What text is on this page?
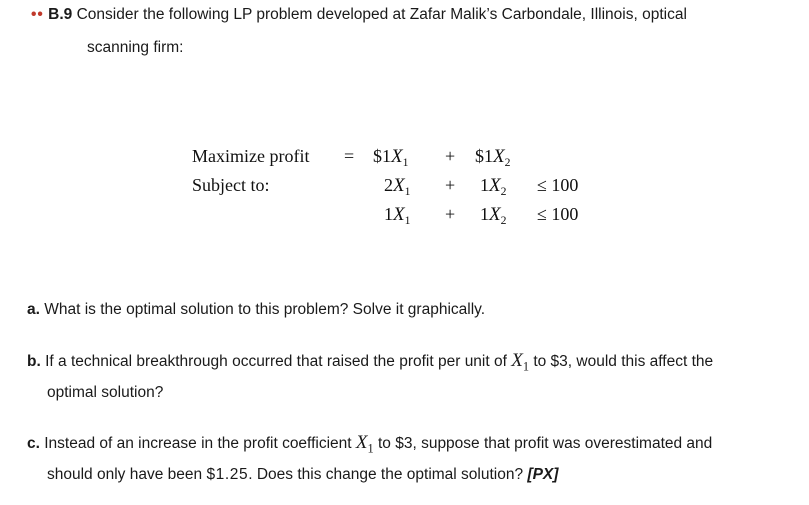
•• B.9 Consider the following LP problem developed at Zafar Malik’s Carbondale, Illinois, optical
scanning firm:
Maximize profit = $\$1X_1$ + $\$1X_2$
Subject to:	$2X_1 + 1X_2 \le 100$
$1X_1 + 1X_2 \le 100$
a. What is the optimal solution to this problem? Solve it graphically.
b. If a technical breakthrough occurred that raised the profit per unit of $X_1$ to $3, would this affect the
optimal solution?
c. Instead of an increase in the profit coefficient $X_1$ to $3, suppose that profit was overestimated and
should only have been $1.25. Does this change the optimal solution? [PX]
